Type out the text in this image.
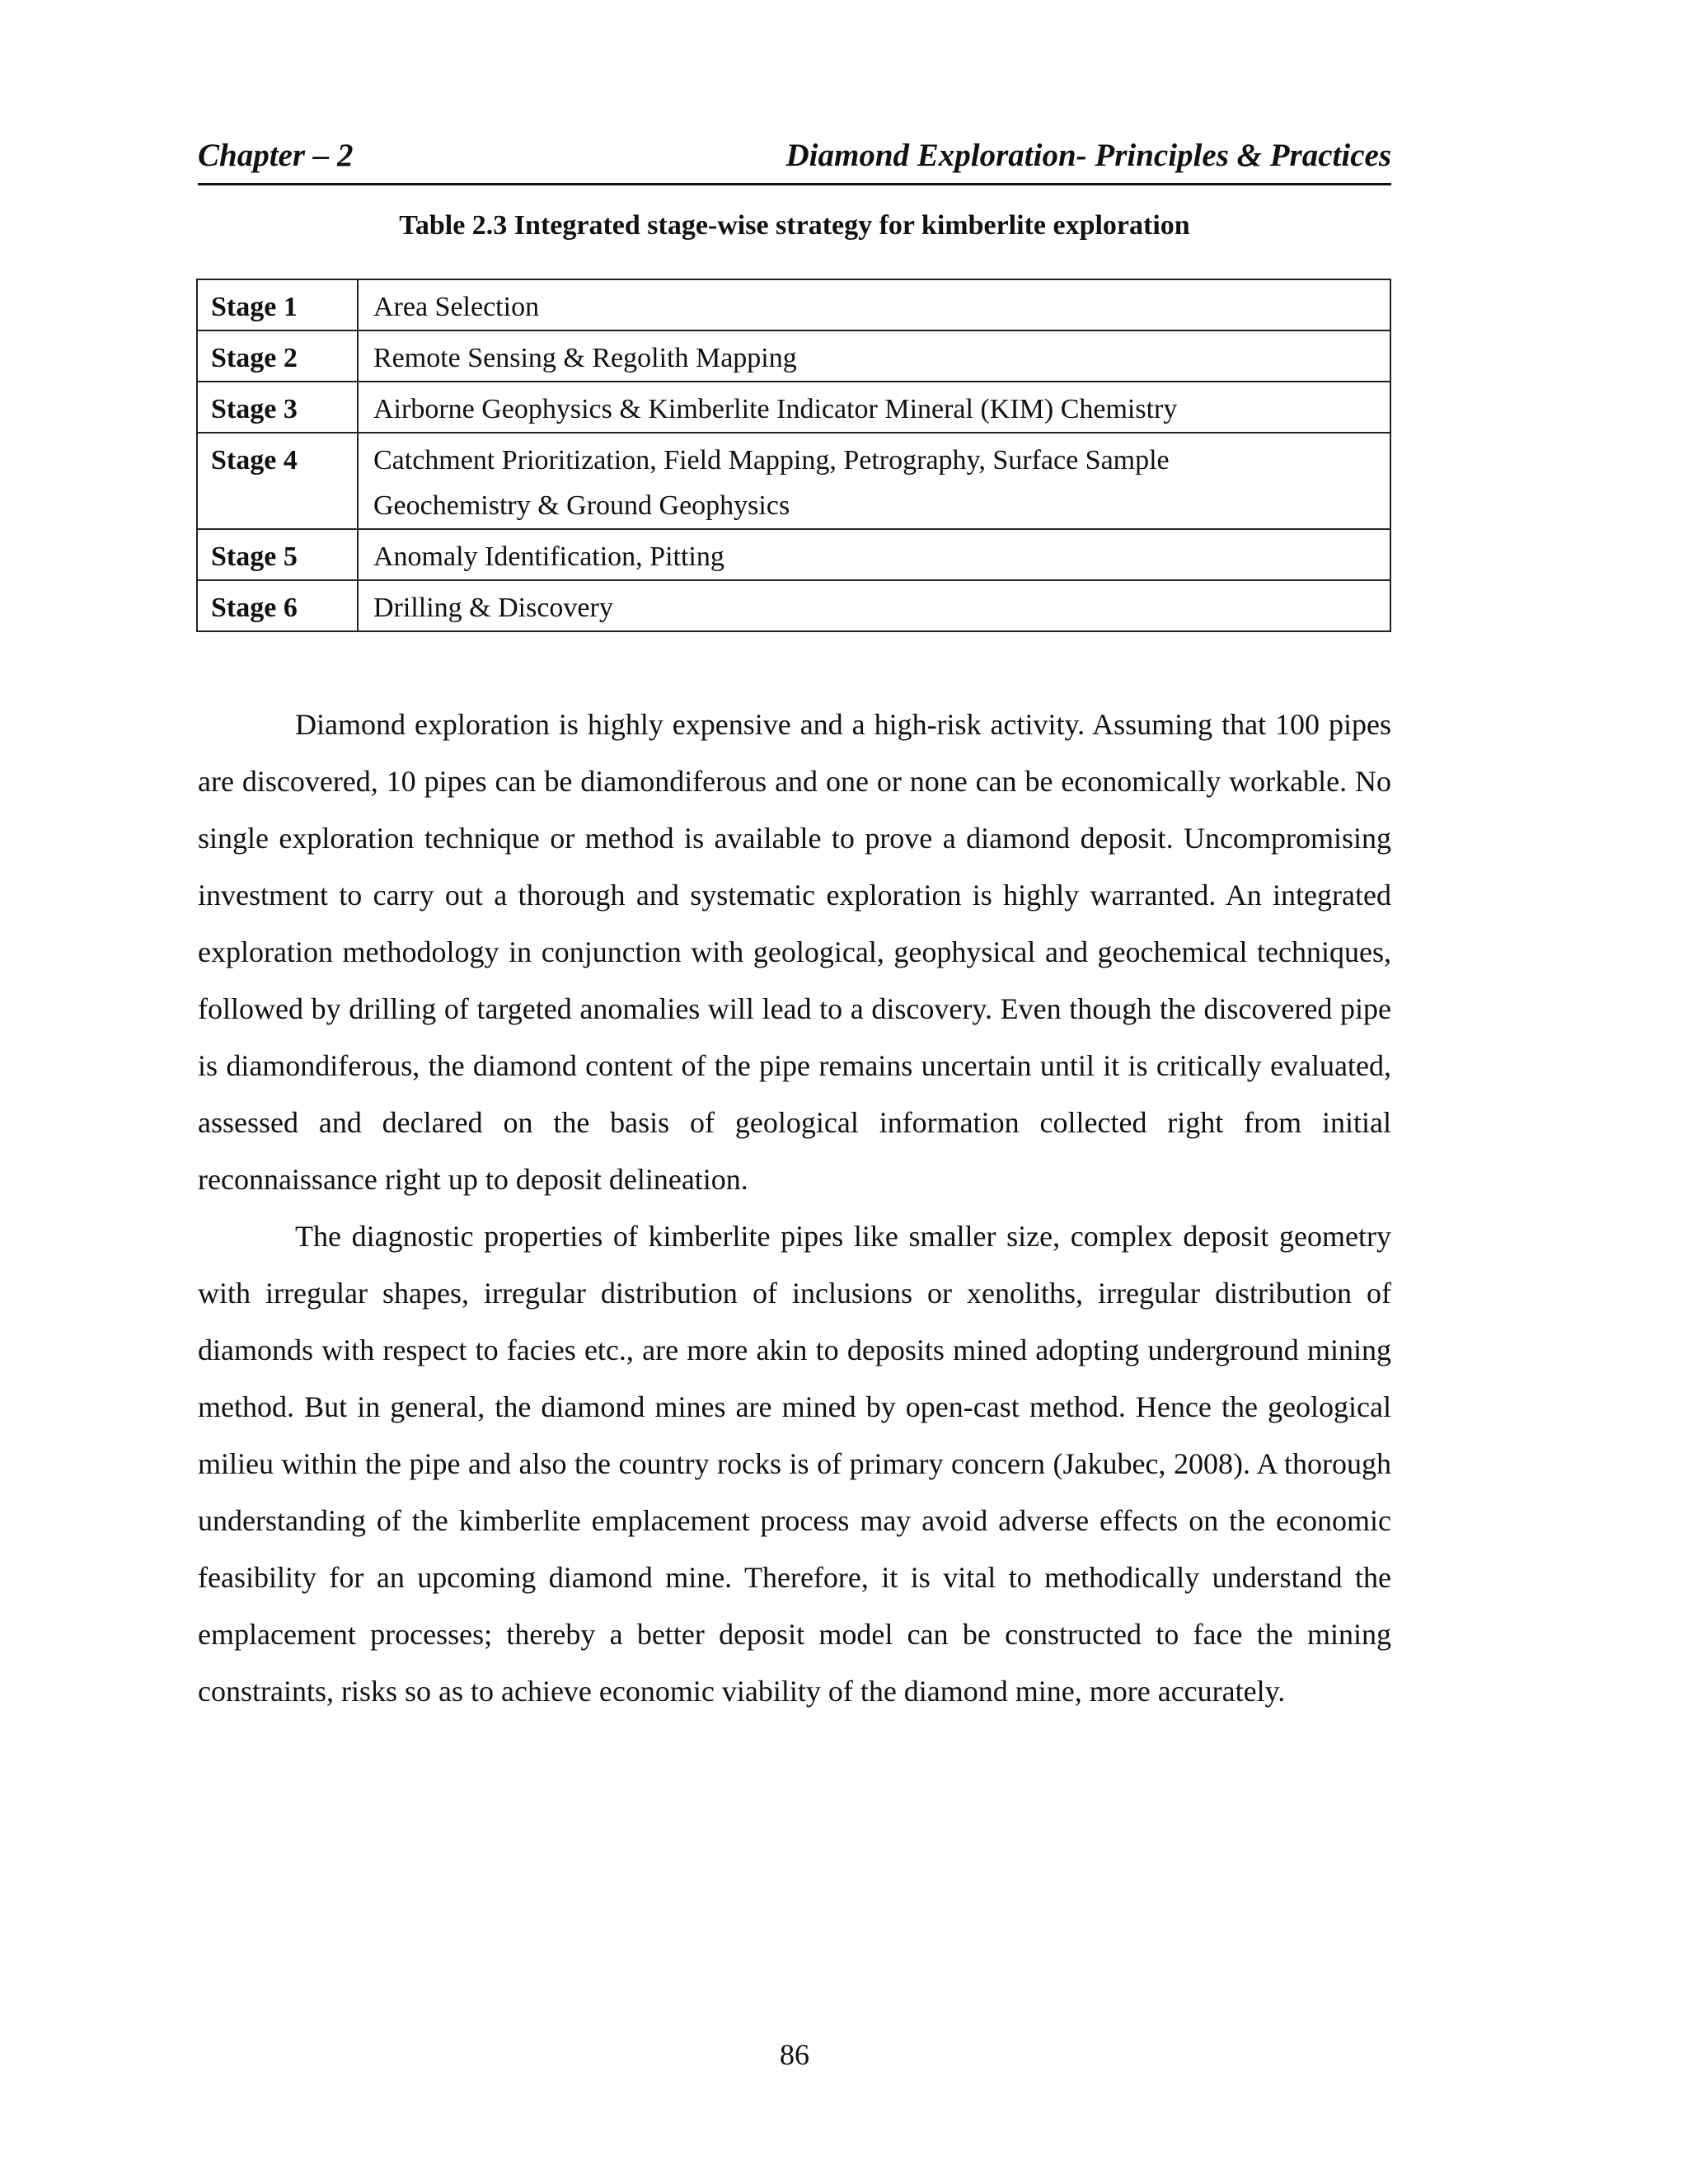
Chapter – 2	Diamond Exploration- Principles & Practices
Table 2.3 Integrated stage-wise strategy for kimberlite exploration
Stage 1	Area Selection

Stage 2	Remote Sensing & Regolith Mapping

Stage 3	Airborne Geophysics & Kimberlite Indicator Mineral (KIM) Chemistry

Stage 4	Catchment Prioritization, Field Mapping, Petrography, Surface Sample
Geochemistry & Ground Geophysics

Stage 5	Anomaly Identification, Pitting

Stage 6	Drilling & Discovery

Diamond exploration is highly expensive and a high-risk activity. Assuming that 100 pipes are discovered, 10 pipes can be diamondiferous and one or none can be economically workable. No single exploration technique or method is available to prove a diamond deposit. Uncompromising investment to carry out a thorough and systematic exploration is highly warranted. An integrated exploration methodology in conjunction with geological, geophysical and geochemical techniques, followed by drilling of targeted anomalies will lead to a discovery. Even though the discovered pipe is diamondiferous, the diamond content of the pipe remains uncertain until it is critically evaluated, assessed and declared on the basis of geological information collected right from initial reconnaissance right up to deposit delineation.

The diagnostic properties of kimberlite pipes like smaller size, complex deposit geometry with irregular shapes, irregular distribution of inclusions or xenoliths, irregular distribution of diamonds with respect to facies etc., are more akin to deposits mined adopting underground mining method. But in general, the diamond mines are mined by open-cast method. Hence the geological milieu within the pipe and also the country rocks is of primary concern (Jakubec, 2008). A thorough understanding of the kimberlite emplacement process may avoid adverse effects on the economic feasibility for an upcoming diamond mine. Therefore, it is vital to methodically understand the emplacement processes; thereby a better deposit model can be constructed to face the mining constraints, risks so as to achieve economic viability of the diamond mine, more accurately.

86
